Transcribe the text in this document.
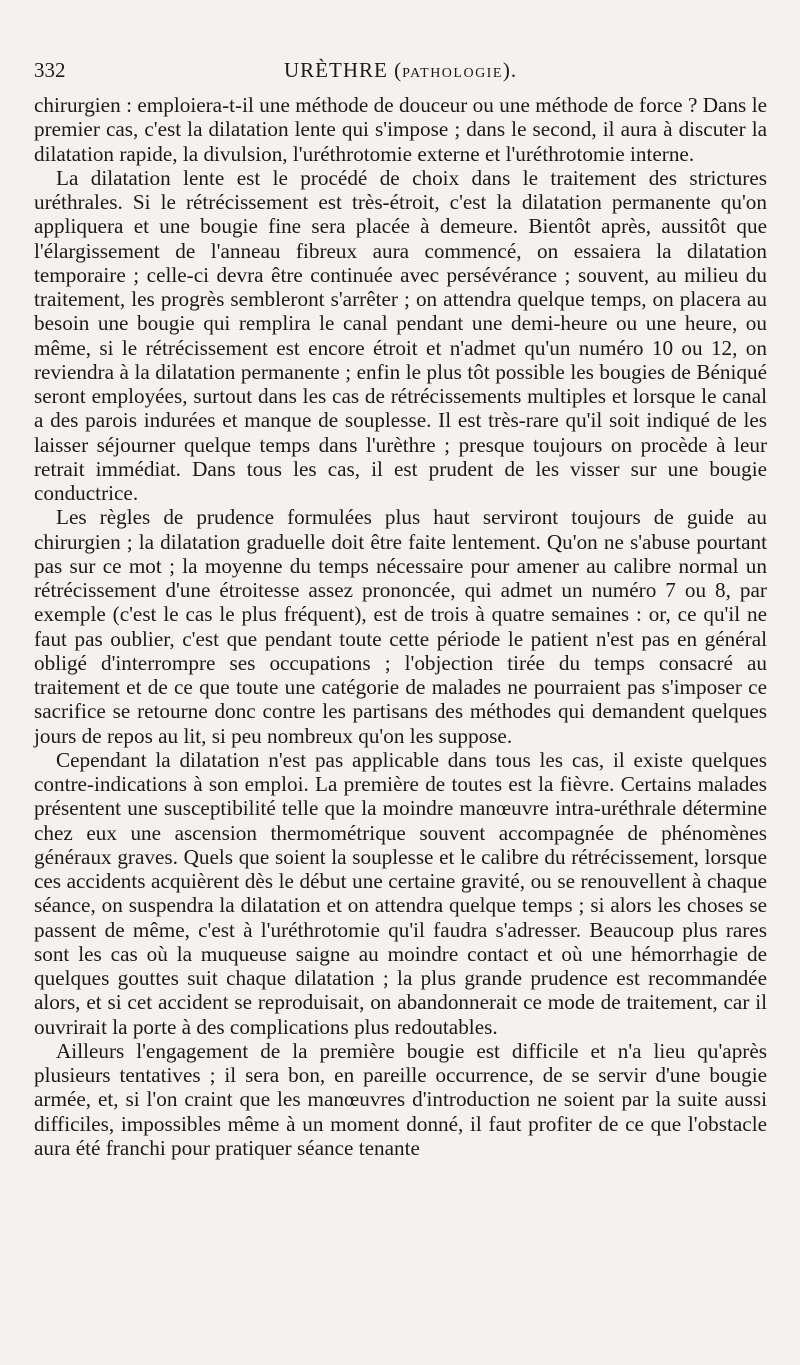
332	URÈTHRE (PATHOLOGIE).

chirurgien : emploiera-t-il une méthode de douceur ou une méthode de force ? Dans le premier cas, c'est la dilatation lente qui s'impose ; dans le second, il aura à discuter la dilatation rapide, la divulsion, l'uréthrotomie externe et l'uréthrotomie interne.

La dilatation lente est le procédé de choix dans le traitement des strictures uréthrales. Si le rétrécissement est très-étroit, c'est la dilatation permanente qu'on appliquera et une bougie fine sera placée à demeure. Bientôt après, aussitôt que l'élargissement de l'anneau fibreux aura commencé, on essaiera la dilatation temporaire ; celle-ci devra être continuée avec persévérance ; souvent, au milieu du traitement, les progrès sembleront s'arrêter ; on attendra quelque temps, on placera au besoin une bougie qui remplira le canal pendant une demi-heure ou une heure, ou même, si le rétrécissement est encore étroit et n'admet qu'un numéro 10 ou 12, on reviendra à la dilatation permanente ; enfin le plus tôt possible les bougies de Béniqué seront employées, surtout dans les cas de rétrécissements multiples et lorsque le canal a des parois indurées et manque de souplesse. Il est très-rare qu'il soit indiqué de les laisser séjourner quelque temps dans l'urèthre ; presque toujours on procède à leur retrait immédiat. Dans tous les cas, il est prudent de les visser sur une bougie conductrice.

Les règles de prudence formulées plus haut serviront toujours de guide au chirurgien ; la dilatation graduelle doit être faite lentement. Qu'on ne s'abuse pourtant pas sur ce mot ; la moyenne du temps nécessaire pour amener au calibre normal un rétrécissement d'une étroitesse assez prononcée, qui admet un numéro 7 ou 8, par exemple (c'est le cas le plus fréquent), est de trois à quatre semaines : or, ce qu'il ne faut pas oublier, c'est que pendant toute cette période le patient n'est pas en général obligé d'interrompre ses occupations ; l'objection tirée du temps consacré au traitement et de ce que toute une catégorie de malades ne pourraient pas s'imposer ce sacrifice se retourne donc contre les partisans des méthodes qui demandent quelques jours de repos au lit, si peu nombreux qu'on les suppose.

Cependant la dilatation n'est pas applicable dans tous les cas, il existe quelques contre-indications à son emploi. La première de toutes est la fièvre. Certains malades présentent une susceptibilité telle que la moindre manœuvre intra-uréthrale détermine chez eux une ascension thermométrique souvent accompagnée de phénomènes généraux graves. Quels que soient la souplesse et le calibre du rétrécissement, lorsque ces accidents acquièrent dès le début une certaine gravité, ou se renouvellent à chaque séance, on suspendra la dilatation et on attendra quelque temps ; si alors les choses se passent de même, c'est à l'uréthrotomie qu'il faudra s'adresser. Beaucoup plus rares sont les cas où la muqueuse saigne au moindre contact et où une hémorrhagie de quelques gouttes suit chaque dilatation ; la plus grande prudence est recommandée alors, et si cet accident se reproduisait, on abandonnerait ce mode de traitement, car il ouvrirait la porte à des complications plus redoutables.

Ailleurs l'engagement de la première bougie est difficile et n'a lieu qu'après plusieurs tentatives ; il sera bon, en pareille occurrence, de se servir d'une bougie armée, et, si l'on craint que les manœuvres d'introduction ne soient par la suite aussi difficiles, impossibles même à un moment donné, il faut profiter de ce que l'obstacle aura été franchi pour pratiquer séance tenante
